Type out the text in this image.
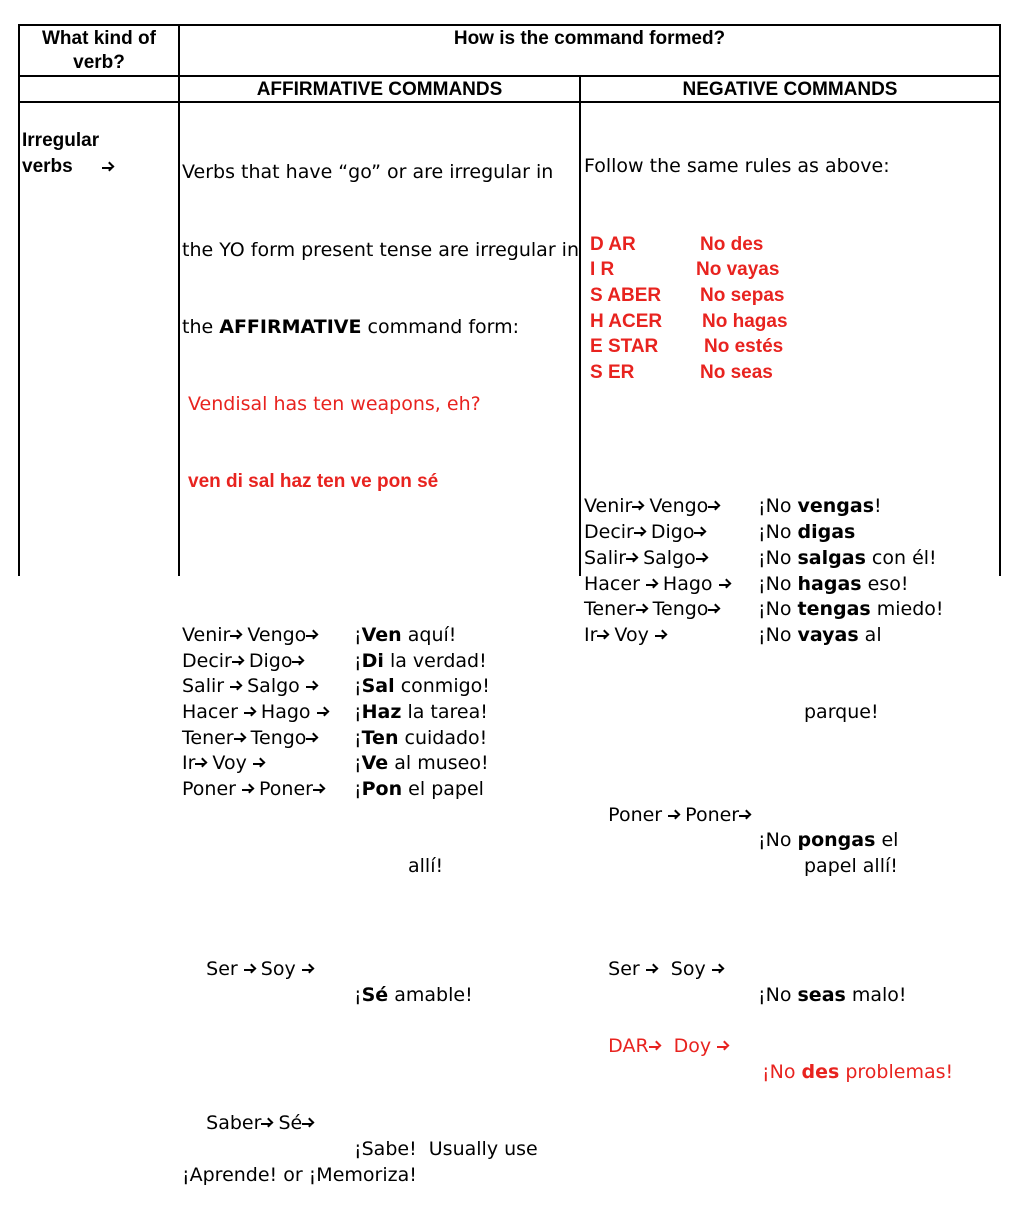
What kind of verb?
How is the command formed?
AFFIRMATIVE COMMANDS	NEGATIVE COMMANDS
Irregular verbs

	Verbs that have “go” or are irregular in

the YO form present tense are irregular in

the AFFIRMATIVE command form:

Vendisal has ten weapons, eh?

ven di sal haz ten ve pon sé

Venir Vengo	¡Ven aquí!
Decir Digo	¡Di la verdad!
Salir Salgo	¡Sal conmigo!
Hacer Hago ¡Haz la tarea!
Tener Tengo	¡Ten cuidado!
Ir Voy	¡Ve al museo!
Poner Poner ¡Pon el papel

allí!

Ser Soy

¡Sé amable!

Saber Sé

¡Sabe!  Usually use

¡Aprende! or ¡Memoriza!

Follow the same rules as above:

D AR	No des
I R	No vayas
S ABER No sepas
H ACER No hagas
E STAR No estés
S ER	No seas

Venir Vengo	¡No vengas!
Decir Digo	¡No digas
Salir Salgo	¡No salgas con él!
Hacer Hago ¡No hagas eso!
Tener Tengo	¡No tengas miedo!
Ir Voy	¡No vayas al

parque!

Poner Poner

¡No pongas el

papel allí!

Ser Soy

¡No seas malo!

DAR Doy

¡No des problemas!
